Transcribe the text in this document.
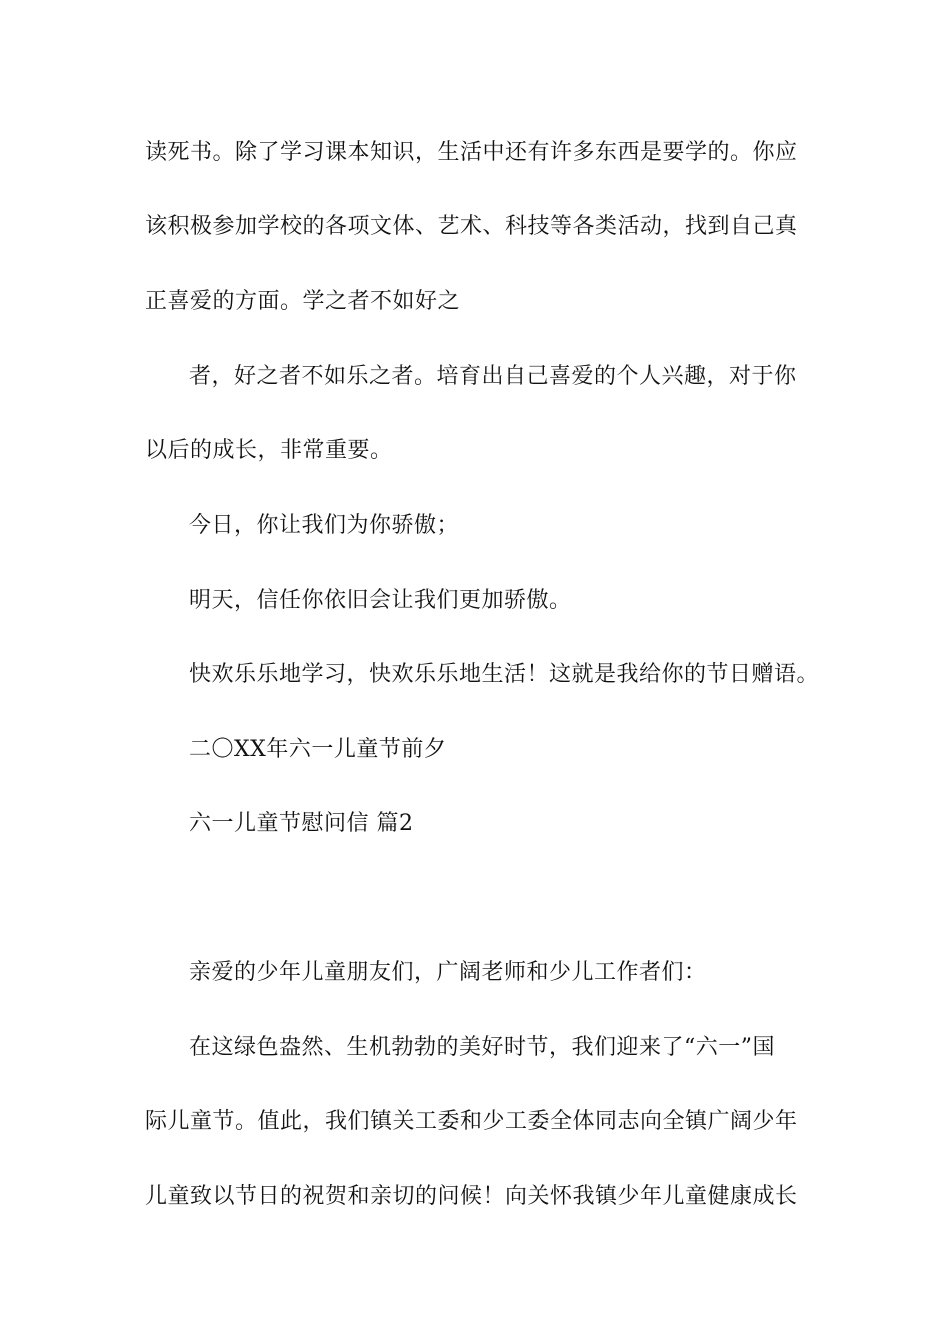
读死书。除了学习课本知识，生活中还有许多东西是要学的。你应
该积极参加学校的各项文体、艺术、科技等各类活动，找到自己真
正喜爱的方面。学之者不如好之
者，好之者不如乐之者。培育出自己喜爱的个人兴趣，对于你
以后的成长，非常重要。
今日，你让我们为你骄傲；
明天，信任你依旧会让我们更加骄傲。
快欢乐乐地学习，快欢乐乐地生活！这就是我给你的节日赠语。
二〇XX年六一儿童节前夕
六一儿童节慰问信 篇2
亲爱的少年儿童朋友们，广阔老师和少儿工作者们：
在这绿色盎然、生机勃勃的美好时节，我们迎来了“六一”国
际儿童节。值此，我们镇关工委和少工委全体同志向全镇广阔少年
儿童致以节日的祝贺和亲切的问候！向关怀我镇少年儿童健康成长
